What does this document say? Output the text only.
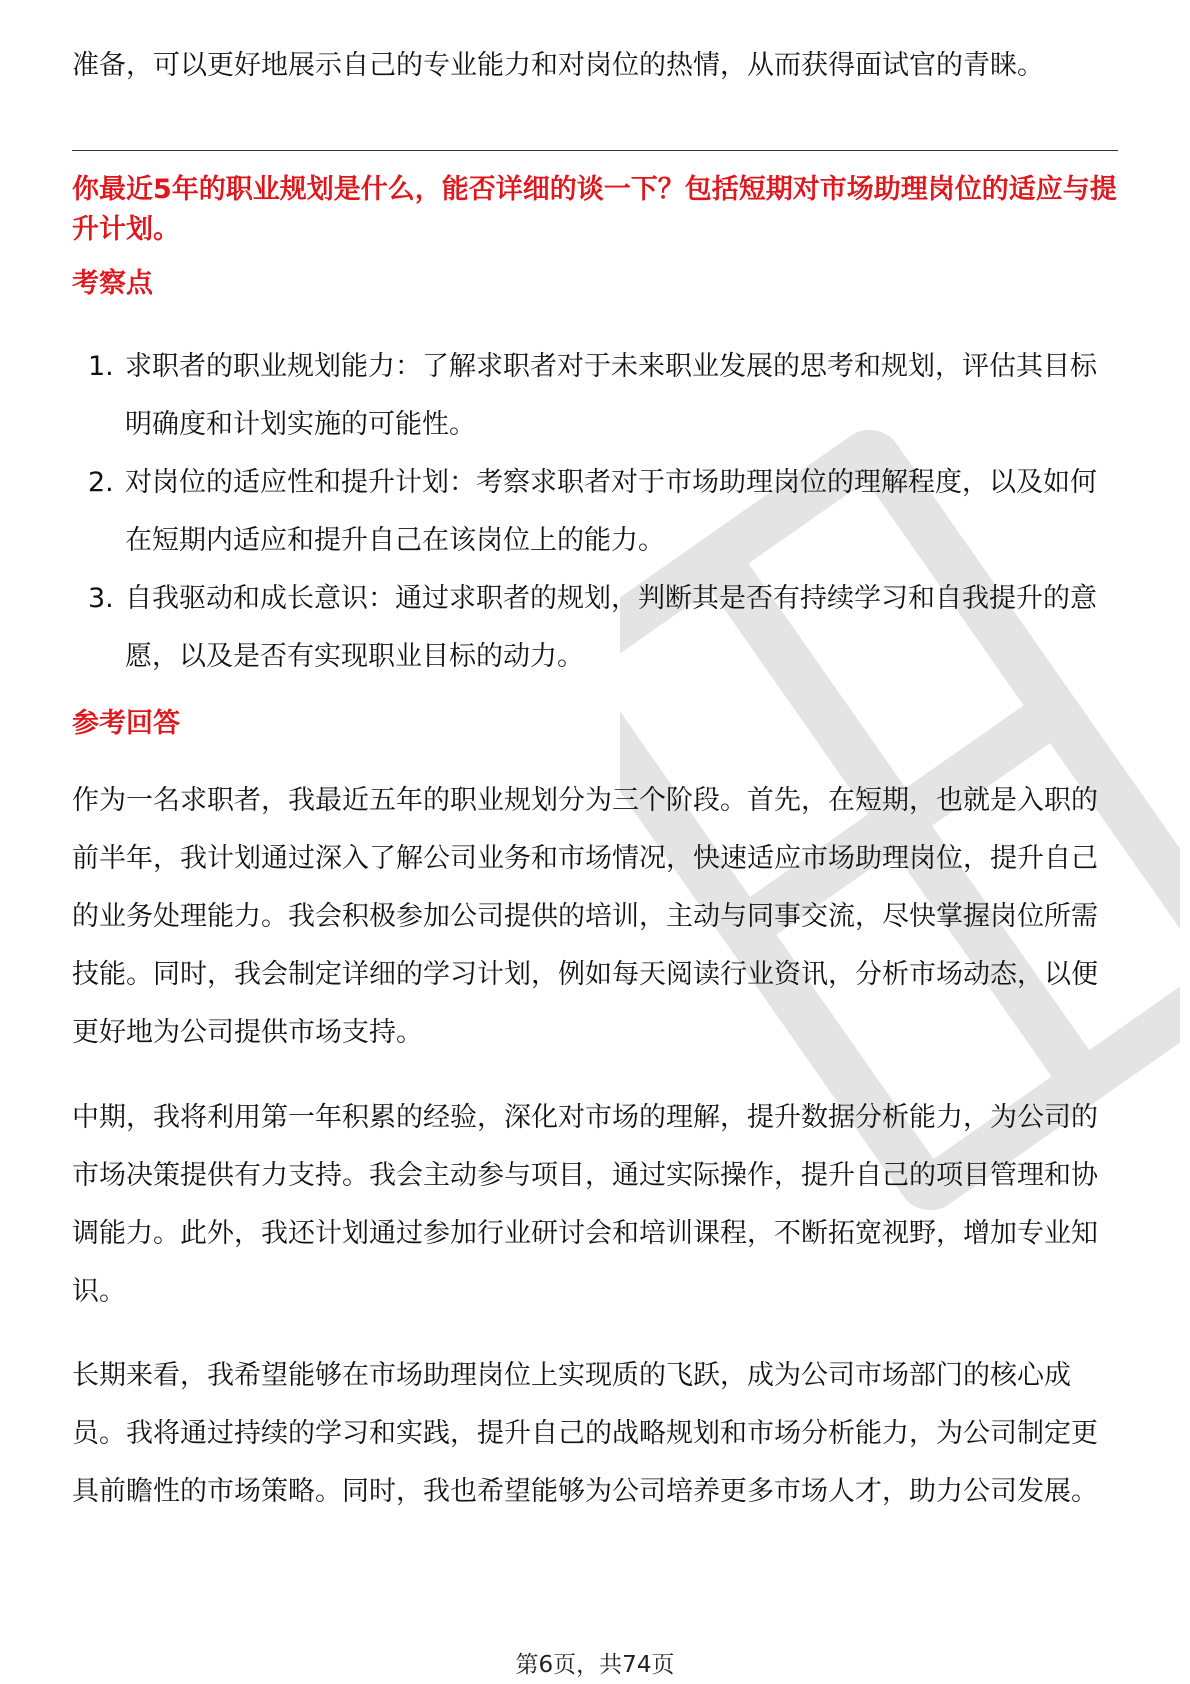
准备，可以更好地展示自己的专业能力和对岗位的热情，从而获得面试官的青睐。
你最近5年的职业规划是什么，能否详细的谈一下？包括短期对市场助理岗位的适应与提升计划。
考察点
1. 求职者的职业规划能力：了解求职者对于未来职业发展的思考和规划，评估其目标明确度和计划实施的可能性。
2. 对岗位的适应性和提升计划：考察求职者对于市场助理岗位的理解程度，以及如何在短期内适应和提升自己在该岗位上的能力。
3. 自我驱动和成长意识：通过求职者的规划，判断其是否有持续学习和自我提升的意愿，以及是否有实现职业目标的动力。
参考回答
作为一名求职者，我最近五年的职业规划分为三个阶段。首先，在短期，也就是入职的前半年，我计划通过深入了解公司业务和市场情况，快速适应市场助理岗位，提升自己的业务处理能力。我会积极参加公司提供的培训，主动与同事交流，尽快掌握岗位所需技能。同时，我会制定详细的学习计划，例如每天阅读行业资讯，分析市场动态，以便更好地为公司提供市场支持。
中期，我将利用第一年积累的经验，深化对市场的理解，提升数据分析能力，为公司的市场决策提供有力支持。我会主动参与项目，通过实际操作，提升自己的项目管理和协调能力。此外，我还计划通过参加行业研讨会和培训课程，不断拓宽视野，增加专业知识。
长期来看，我希望能够在市场助理岗位上实现质的飞跃，成为公司市场部门的核心成员。我将通过持续的学习和实践，提升自己的战略规划和市场分析能力，为公司制定更具前瞻性的市场策略。同时，我也希望能够为公司培养更多市场人才，助力公司发展。
第6页，共74页
